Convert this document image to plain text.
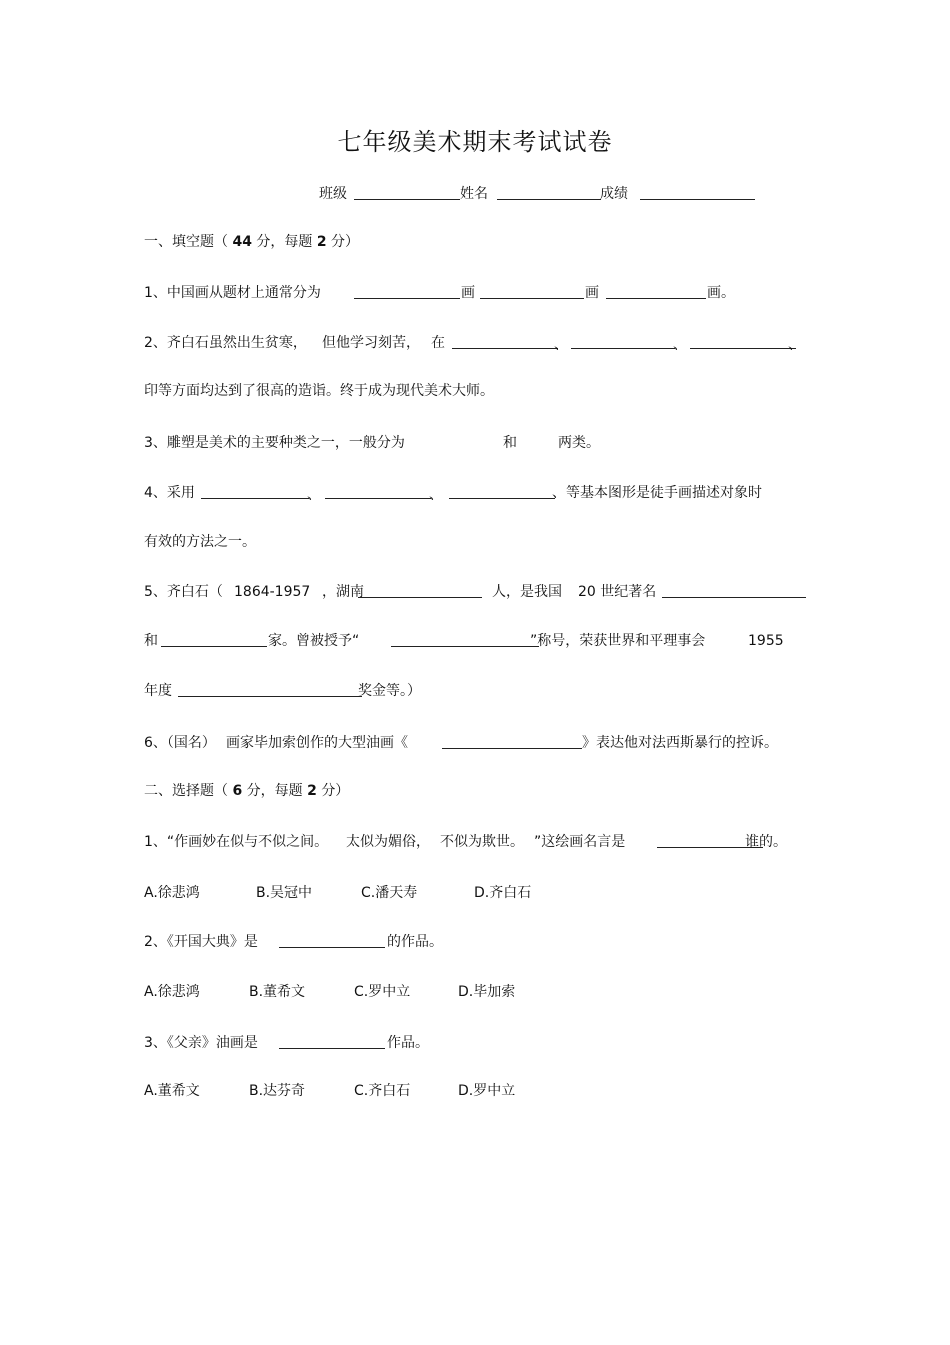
七年级美术期末考试试卷
班级	姓名	成绩
一、填空题（ 44 分，每题 2 分）
1、中国画从题材上通常分为	画	画	画。
2、齐白石虽然出生贫寒， 但他学习刻苦， 在	、	、	、
印等方面均达到了很高的造诣。终于成为现代美术大师。
3、雕塑是美术的主要种类之一，一般分为	和	两类。
4、采用	、	、	、等基本图形是徒手画描述对象时
有效的方法之一。
5、齐白石（ 1864-1957 ，湖南	人，是我国 20 世纪著名
和	家。曾被授予“	”称号，荣获世界和平理事会	1955
年度	奖金等。）
6、（国名） 画家毕加索创作的大型油画《	》表达他对法西斯暴行的控诉。
二、选择题（ 6 分，每题 2 分）
1、“作画妙在似与不似之间。 太似为媚俗， 不似为欺世。 ”这绘画名言是	谁的。
A.徐悲鸿	B.吴冠中	C.潘天寿	D.齐白石
2、《开国大典》是	的作品。
A.徐悲鸿	B.董希文	C.罗中立	D.毕加索
3、《父亲》油画是	作品。
A.董希文	B.达芬奇	C.齐白石	D.罗中立
